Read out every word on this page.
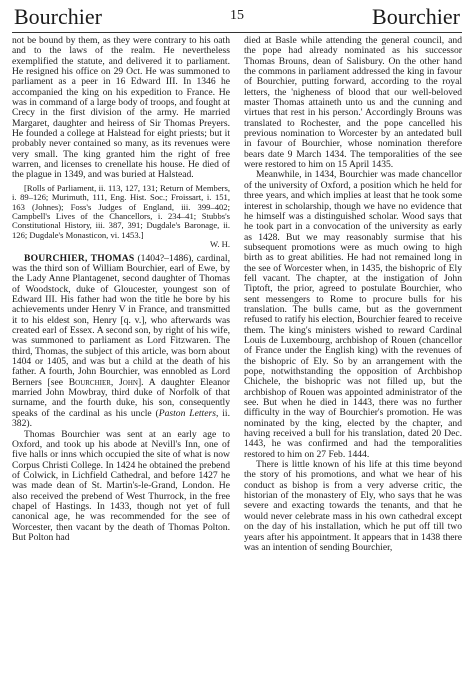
Bourchier	15	Bourchier

not be bound by them, as they were contrary to his oath and to the laws of the realm. He nevertheless exemplified the statute, and delivered it to parliament. He resigned his office on 29 Oct. He was summoned to parliament as a peer in 16 Edward III. In 1346 he accompanied the king on his expedition to France. He was in command of a large body of troops, and fought at Crecy in the first division of the army. He married Margaret, daughter and heiress of Sir Thomas Preyers. He founded a college at Halstead for eight priests; but it probably never contained so many, as its revenues were very small. The king granted him the right of free warren, and licenses to crenellate his house. He died of the plague in 1349, and was buried at Halstead.

[Rolls of Parliament, ii. 113, 127, 131; Return of Members, i. 89–126; Murimuth, 111, Eng. Hist. Soc.; Froissart, i. 151, 163 (Johnes); Foss's Judges of England, iii. 399–402; Campbell's Lives of the Chancellors, i. 234–41; Stubbs's Constitutional History, iii. 387, 391; Dugdale's Baronage, ii. 126; Dugdale's Monasticon, vi. 1453.]
W. H.

BOURCHIER, THOMAS (1404?–1486), cardinal, was the third son of William Bourchier, earl of Ewe, by the Lady Anne Plantagenet, second daughter of Thomas of Woodstock, duke of Gloucester, youngest son of Edward III. His father had won the title he bore by his achievements under Henry V in France, and transmitted it to his eldest son, Henry [q. v.], who afterwards was created earl of Essex. A second son, by right of his wife, was summoned to parliament as Lord Fitzwaren. The third, Thomas, the subject of this article, was born about 1404 or 1405, and was but a child at the death of his father. A fourth, John Bourchier, was ennobled as Lord Berners [see Bourchier, John]. A daughter Eleanor married John Mowbray, third duke of Norfolk of that surname, and the fourth duke, his son, consequently speaks of the cardinal as his uncle (Paston Letters, ii. 382).

Thomas Bourchier was sent at an early age to Oxford, and took up his abode at Nevill's Inn, one of five halls or inns which occupied the site of what is now Corpus Christi College. In 1424 he obtained the prebend of Colwick, in Lichfield Cathedral, and before 1427 he was made dean of St. Martin's-le-Grand, London. He also received the prebend of West Thurrock, in the free chapel of Hastings. In 1433, though not yet of full canonical age, he was recommended for the see of Worcester, then vacant by the death of Thomas Polton. But Polton had

died at Basle while attending the general council, and the pope had already nominated as his successor Thomas Brouns, dean of Salisbury. On the other hand the commons in parliament addressed the king in favour of Bourchier, putting forward, according to the royal letters, the 'nigheness of blood that our well-beloved master Thomas attaineth unto us and the cunning and virtues that rest in his person.' Accordingly Brouns was translated to Rochester, and the pope cancelled his previous nomination to Worcester by an antedated bull in favour of Bourchier, whose nomination therefore bears date 9 March 1434. The temporalities of the see were restored to him on 15 April 1435.

Meanwhile, in 1434, Bourchier was made chancellor of the university of Oxford, a position which he held for three years, and which implies at least that he took some interest in scholarship, though we have no evidence that he himself was a distinguished scholar. Wood says that he took part in a convocation of the university as early as 1428. But we may reasonably surmise that his subsequent promotions were as much owing to high birth as to great abilities. He had not remained long in the see of Worcester when, in 1435, the bishopric of Ely fell vacant. The chapter, at the instigation of John Tiptoft, the prior, agreed to postulate Bourchier, who sent messengers to Rome to procure bulls for his translation. The bulls came, but as the government refused to ratify his election, Bourchier feared to receive them. The king's ministers wished to reward Cardinal Louis de Luxembourg, archbishop of Rouen (chancellor of France under the English king) with the revenues of the bishopric of Ely. So by an arrangement with the pope, notwithstanding the opposition of Archbishop Chichele, the bishopric was not filled up, but the archbishop of Rouen was appointed administrator of the see. But when he died in 1443, there was no further difficulty in the way of Bourchier's promotion. He was nominated by the king, elected by the chapter, and having received a bull for his translation, dated 20 Dec. 1443, he was confirmed and had the temporalities restored to him on 27 Feb. 1444.

There is little known of his life at this time beyond the story of his promotions, and what we hear of his conduct as bishop is from a very adverse critic, the historian of the monastery of Ely, who says that he was severe and exacting towards the tenants, and that he would never celebrate mass in his own cathedral except on the day of his installation, which he put off till two years after his appointment. It appears that in 1438 there was an intention of sending Bourchier,
